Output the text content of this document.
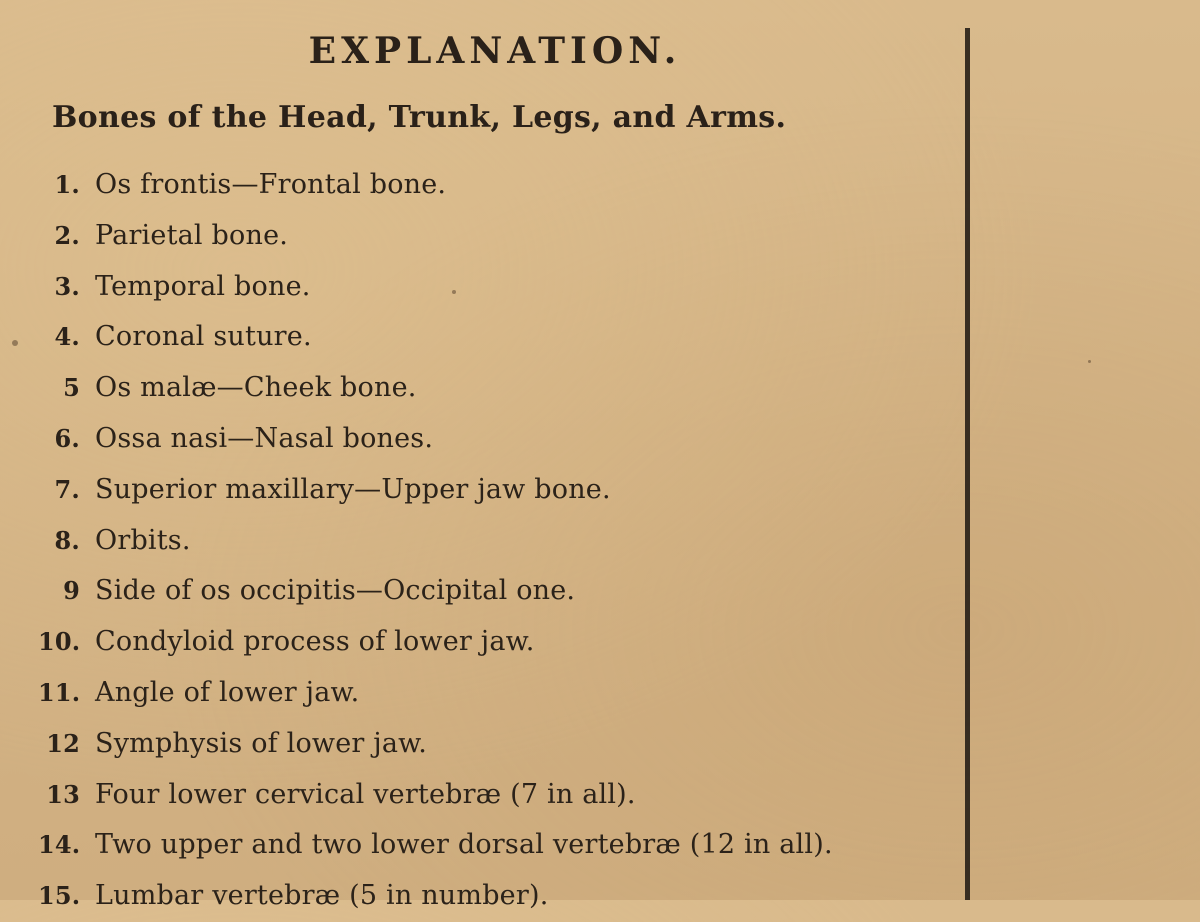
EXPLANATION.
Bones of the Head, Trunk, Legs, and Arms.
1. Os frontis—Frontal bone.
2. Parietal bone.
3. Temporal bone.
4. Coronal suture.
5 Os malæ—Cheek bone.
6. Ossa nasi—Nasal bones.
7. Superior maxillary—Upper jaw bone.
8. Orbits.
9 Side of os occipitis—Occipital one.
10. Condyloid process of lower jaw.
11. Angle of lower jaw.
12 Symphysis of lower jaw.
13 Four lower cervical vertebræ (7 in all).
14. Two upper and two lower dorsal vertebræ (12 in all).
15. Lumbar vertebræ (5 in number).
